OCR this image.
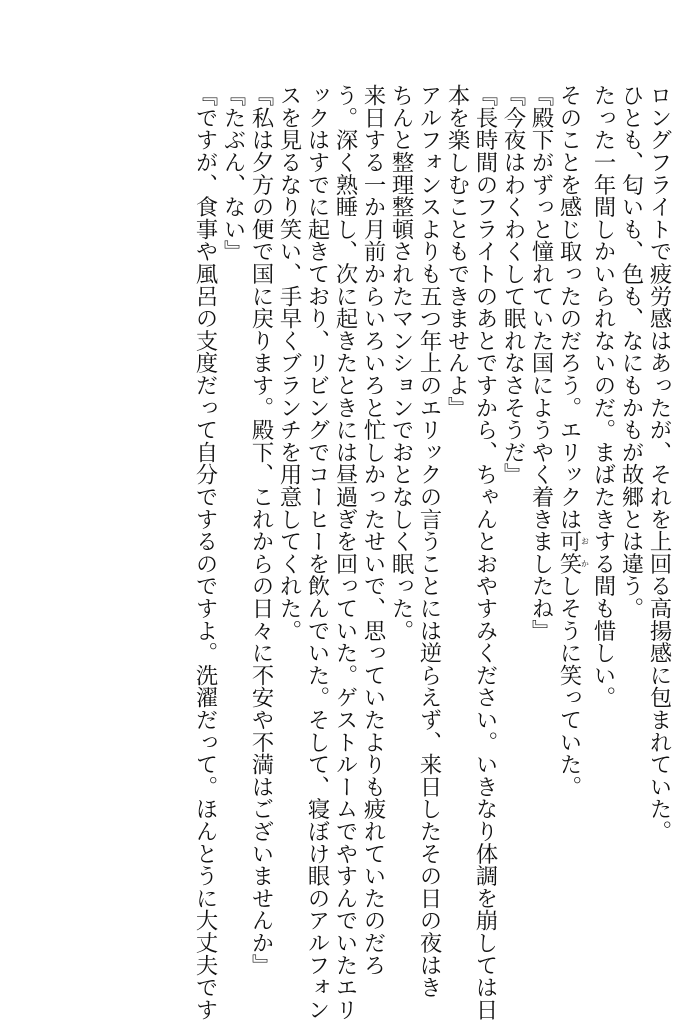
ロングフライトで疲労感はあったが、それを上回る高揚感に包まれていた。

ひとも、匂いも、色も、なにもかもが故郷とは違う。

たった一年間しかいられないのだ。まばたきする間も惜しい。

そのことを感じ取ったのだろう。エリックは可笑おかしそうに笑っていた。

『殿下がずっと憧れていた国にようやく着きましたね』

『今夜はわくわくして眠れなさそうだ』

『長時間のフライトのあとですから、ちゃんとおやすみください。いきなり体調を崩しては日

本を楽しむこともできませんよ』

アルフォンスよりも五つ年上のエリックの言うことには逆らえず、来日したその日の夜はき

ちんと整理整頓されたマンションでおとなしく眠った。

来日する一か月前からいろいろと忙しかったせいで、思っていたよりも疲れていたのだろ

う。深く熟睡し、次に起きたときには昼過ぎを回っていた。ゲストルームでやすんでいたエリ

ックはすでに起きており、リビングでコーヒーを飲んでいた。そして、寝ぼけ眼のアルフォン

スを見るなり笑い、手早くブランチを用意してくれた。

『私は夕方の便で国に戻ります。殿下、これからの日々に不安や不満はございませんか』

『たぶん、ない』

『ですが、食事や風呂の支度だって自分でするのですよ。洗濯だって。ほんとうに大丈夫です
